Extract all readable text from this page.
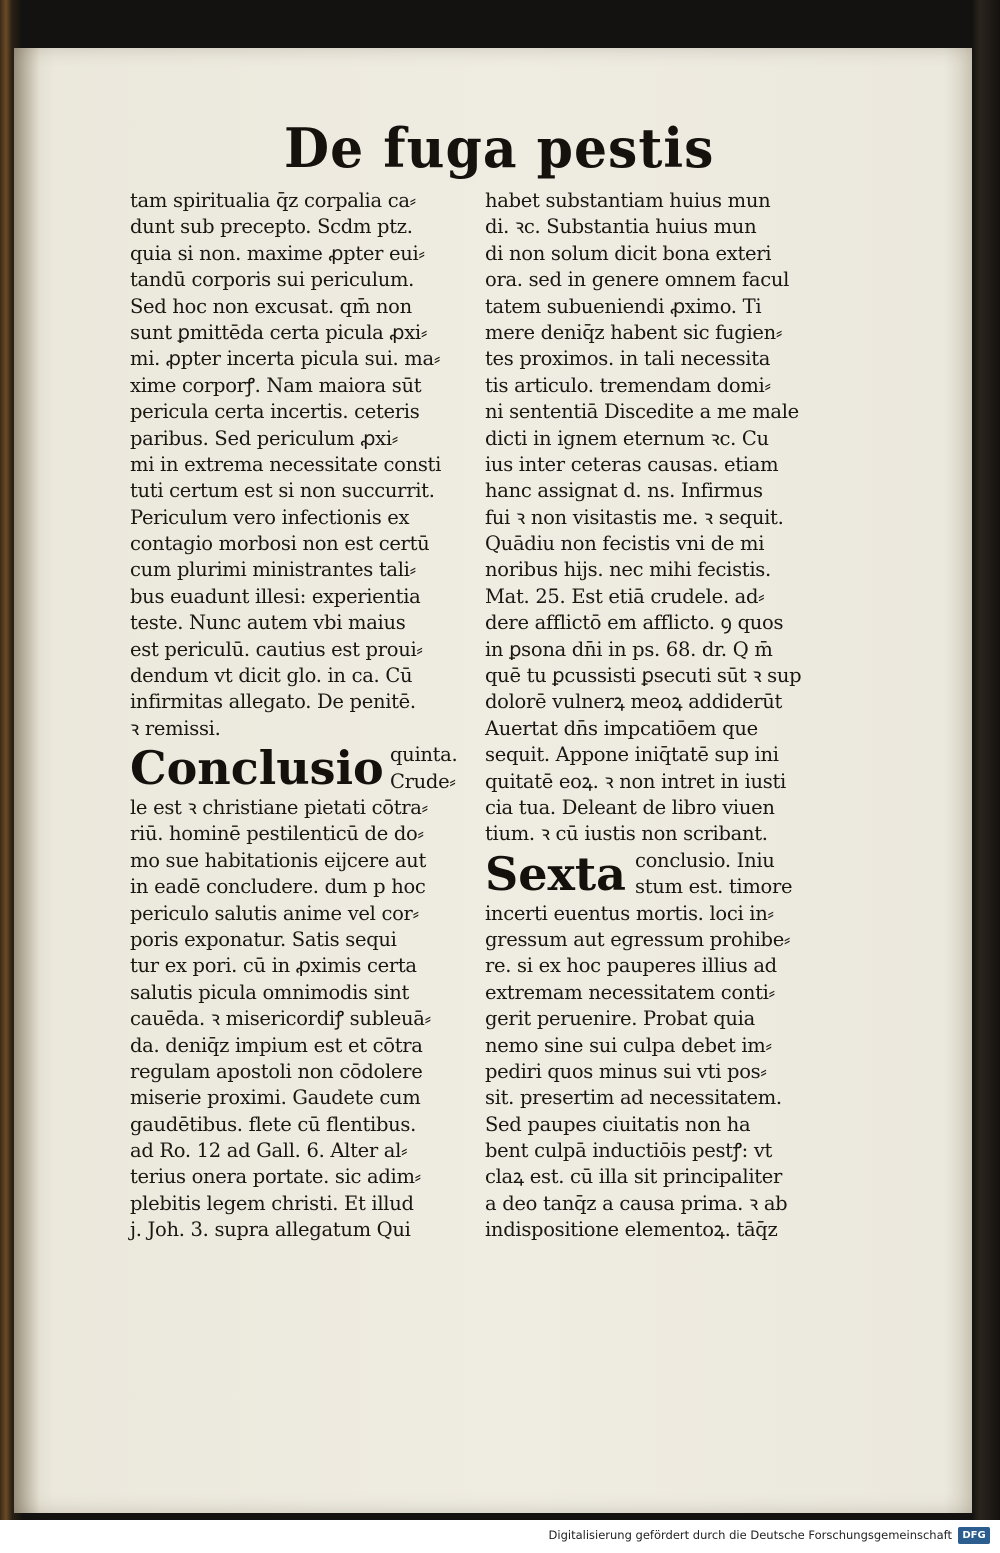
De fuga pestis
tam spiritualia q̄z corpalia ca⸗
dunt sub precepto. Scdm ptz.
quia si non. maxime ꝓpter eui⸗
tandū corporis sui periculum.
Sed hoc non excusat. qm̄ non
sunt ꝑmittēda certa picula ꝓxi⸗
mi. ꝓpter incerta picula sui. ma⸗
xime corporꝭ. Nam maiora sūt
pericula certa incertis. ceteris
paribus. Sed periculum ꝓxi⸗
mi in extrema necessitate consti
tuti certum est si non succurrit.
Periculum vero infectionis ex
contagio morbosi non est certū
cum plurimi ministrantes tali⸗
bus euadunt illesi: experientia
teste. Nunc autem vbi maius
est periculū. cautius est proui⸗
dendum vt dicit glo. in ca. Cū
infirmitas allegato. De penitē.
ꝛ remissi.
Conclusio quinta.
Crude⸗
le est ꝛ christiane pietati cōtra⸗
riū. hominē pestilenticū de do⸗
mo sue habitationis eijcere aut
in eadē concludere. dum p hoc
periculo salutis anime vel cor⸗
poris exponatur. Satis sequi
tur ex pori. cū in ꝓximis certa
salutis picula omnimodis sint
cauēda. ꝛ misericordiꝭ subleuā⸗
da. deniq̄z impium est et cōtra
regulam apostoli non cōdolere
miserie proximi. Gaudete cum
gaudētibus. flete cū flentibus.
ad Ro. 12 ad Gall. 6. Alter al⸗
terius onera portate. sic adim⸗
plebitis legem christi. Et illud
j. Joh. 3. supra allegatum Qui
habet substantiam huius mun
di. ꝛc. Substantia huius mun
di non solum dicit bona exteri
ora. sed in genere omnem facul
tatem subueniendi ꝓximo. Ti
mere deniq̄z habent sic fugien⸗
tes proximos. in tali necessita
tis articulo. tremendam domi⸗
ni sententiā Discedite a me male
dicti in ignem eternum ꝛc. Cu
ius inter ceteras causas. etiam
hanc assignat d. ns. Infirmus
fui ꝛ non visitastis me. ꝛ sequit.
Quādiu non fecistis vni de mi
noribus hijs. nec mihi fecistis.
Mat. 25. Est etiā crudele. ad⸗
dere afflictō em afflicto. ꝯ quos
in ꝑsona dn̄i in ps. 68. dr. Q m̄
quē tu ꝑcussisti ꝑsecuti sūt ꝛ sup
dolorē vulnerꝝ meoꝝ addiderūt
Auertat dn̄s impcatiōem que
sequit. Appone iniq̄tatē sup ini
quitatē eoꝝ. ꝛ non intret in iusti
cia tua. Deleant de libro viuen
tium. ꝛ cū iustis non scribant.
Sexta conclusio. Iniu
stum est. timore
incerti euentus mortis. loci in⸗
gressum aut egressum prohibe⸗
re. si ex hoc pauperes illius ad
extremam necessitatem conti⸗
gerit peruenire. Probat quia
nemo sine sui culpa debet im⸗
pediri quos minus sui vti pos⸗
sit. presertim ad necessitatem.
Sed paupes ciuitatis non ha
bent culpā inductiōis pestꝭ: vt
claꝝ est. cū illa sit principaliter
a deo tanq̄z a causa prima. ꝛ ab
indispositione elementoꝝ. tāq̄z
Digitalisierung gefördert durch die Deutsche Forschungsgemeinschaft	DFG
